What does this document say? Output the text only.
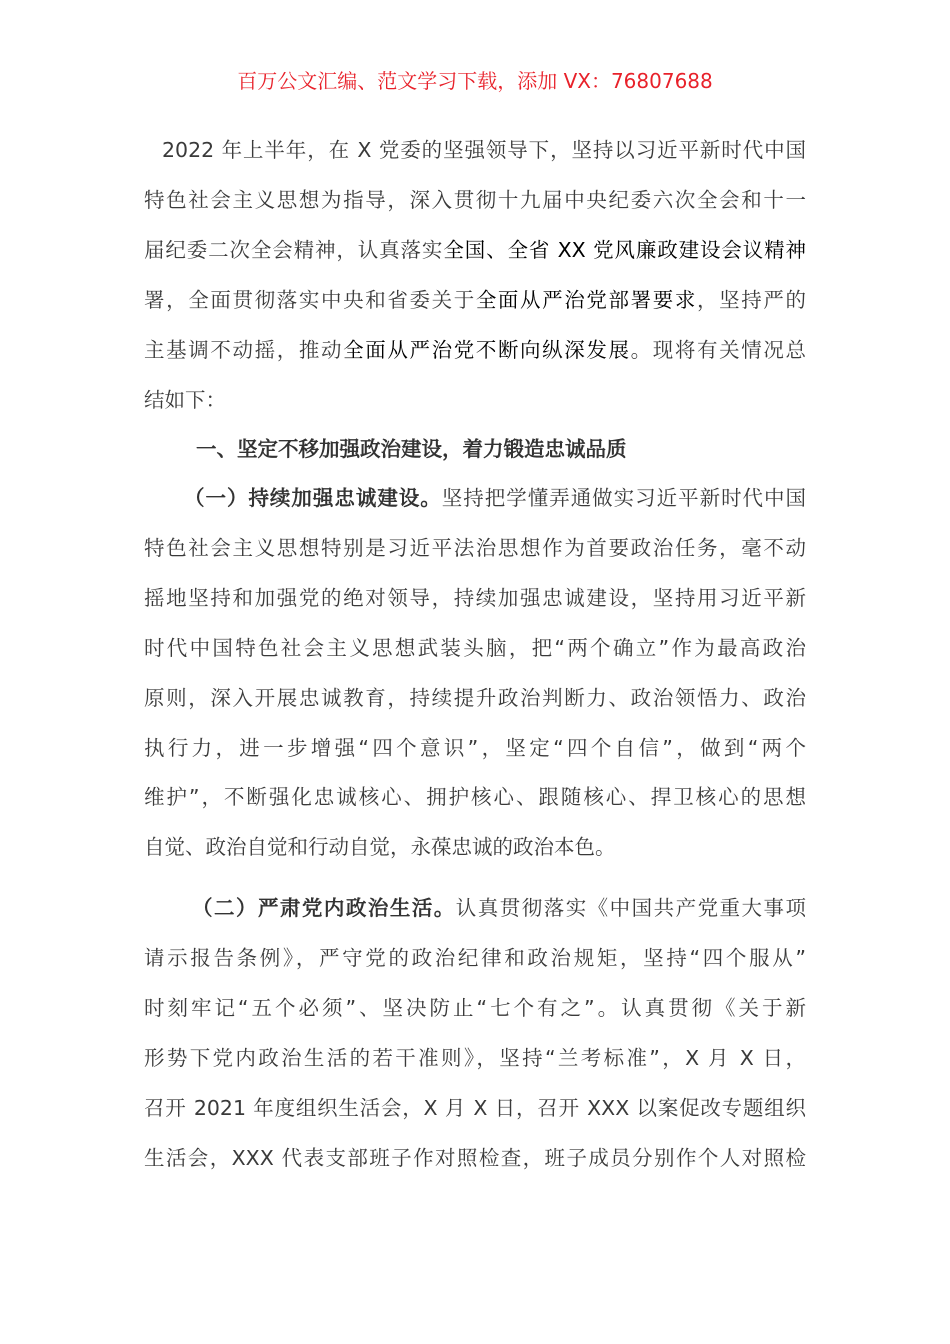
百万公文汇编、范文学习下载，添加 VX：76807688
2022 年上半年，在 X 党委的坚强领导下，坚持以习近平新时代中国
特色社会主义思想为指导，深入贯彻十九届中央纪委六次全会和十一
届纪委二次全会精神，认真落实全国、全省 XX 党风廉政建设会议精神
署，全面贯彻落实中央和省委关于全面从严治党部署要求，坚持严的
主基调不动摇，推动全面从严治党不断向纵深发展。现将有关情况总
结如下：
一、坚定不移加强政治建设，着力锻造忠诚品质
（一）持续加强忠诚建设。坚持把学懂弄通做实习近平新时代中国
特色社会主义思想特别是习近平法治思想作为首要政治任务，毫不动
摇地坚持和加强党的绝对领导，持续加强忠诚建设，坚持用习近平新
时代中国特色社会主义思想武装头脑，把“两个确立”作为最高政治
原则，深入开展忠诚教育，持续提升政治判断力、政治领悟力、政治
执行力，进一步增强“四个意识”，坚定“四个自信”，做到“两个
维护”，不断强化忠诚核心、拥护核心、跟随核心、捍卫核心的思想
自觉、政治自觉和行动自觉，永葆忠诚的政治本色。
（二）严肃党内政治生活。认真贯彻落实《中国共产党重大事项
请示报告条例》，严守党的政治纪律和政治规矩，坚持“四个服从”
时刻牢记“五个必须”、坚决防止“七个有之”。认真贯彻《关于新
形势下党内政治生活的若干准则》，坚持“兰考标准”，X 月 X 日，
召开 2021 年度组织生活会，X 月 X 日，召开 XXX 以案促改专题组织
生活会，XXX 代表支部班子作对照检查，班子成员分别作个人对照检
